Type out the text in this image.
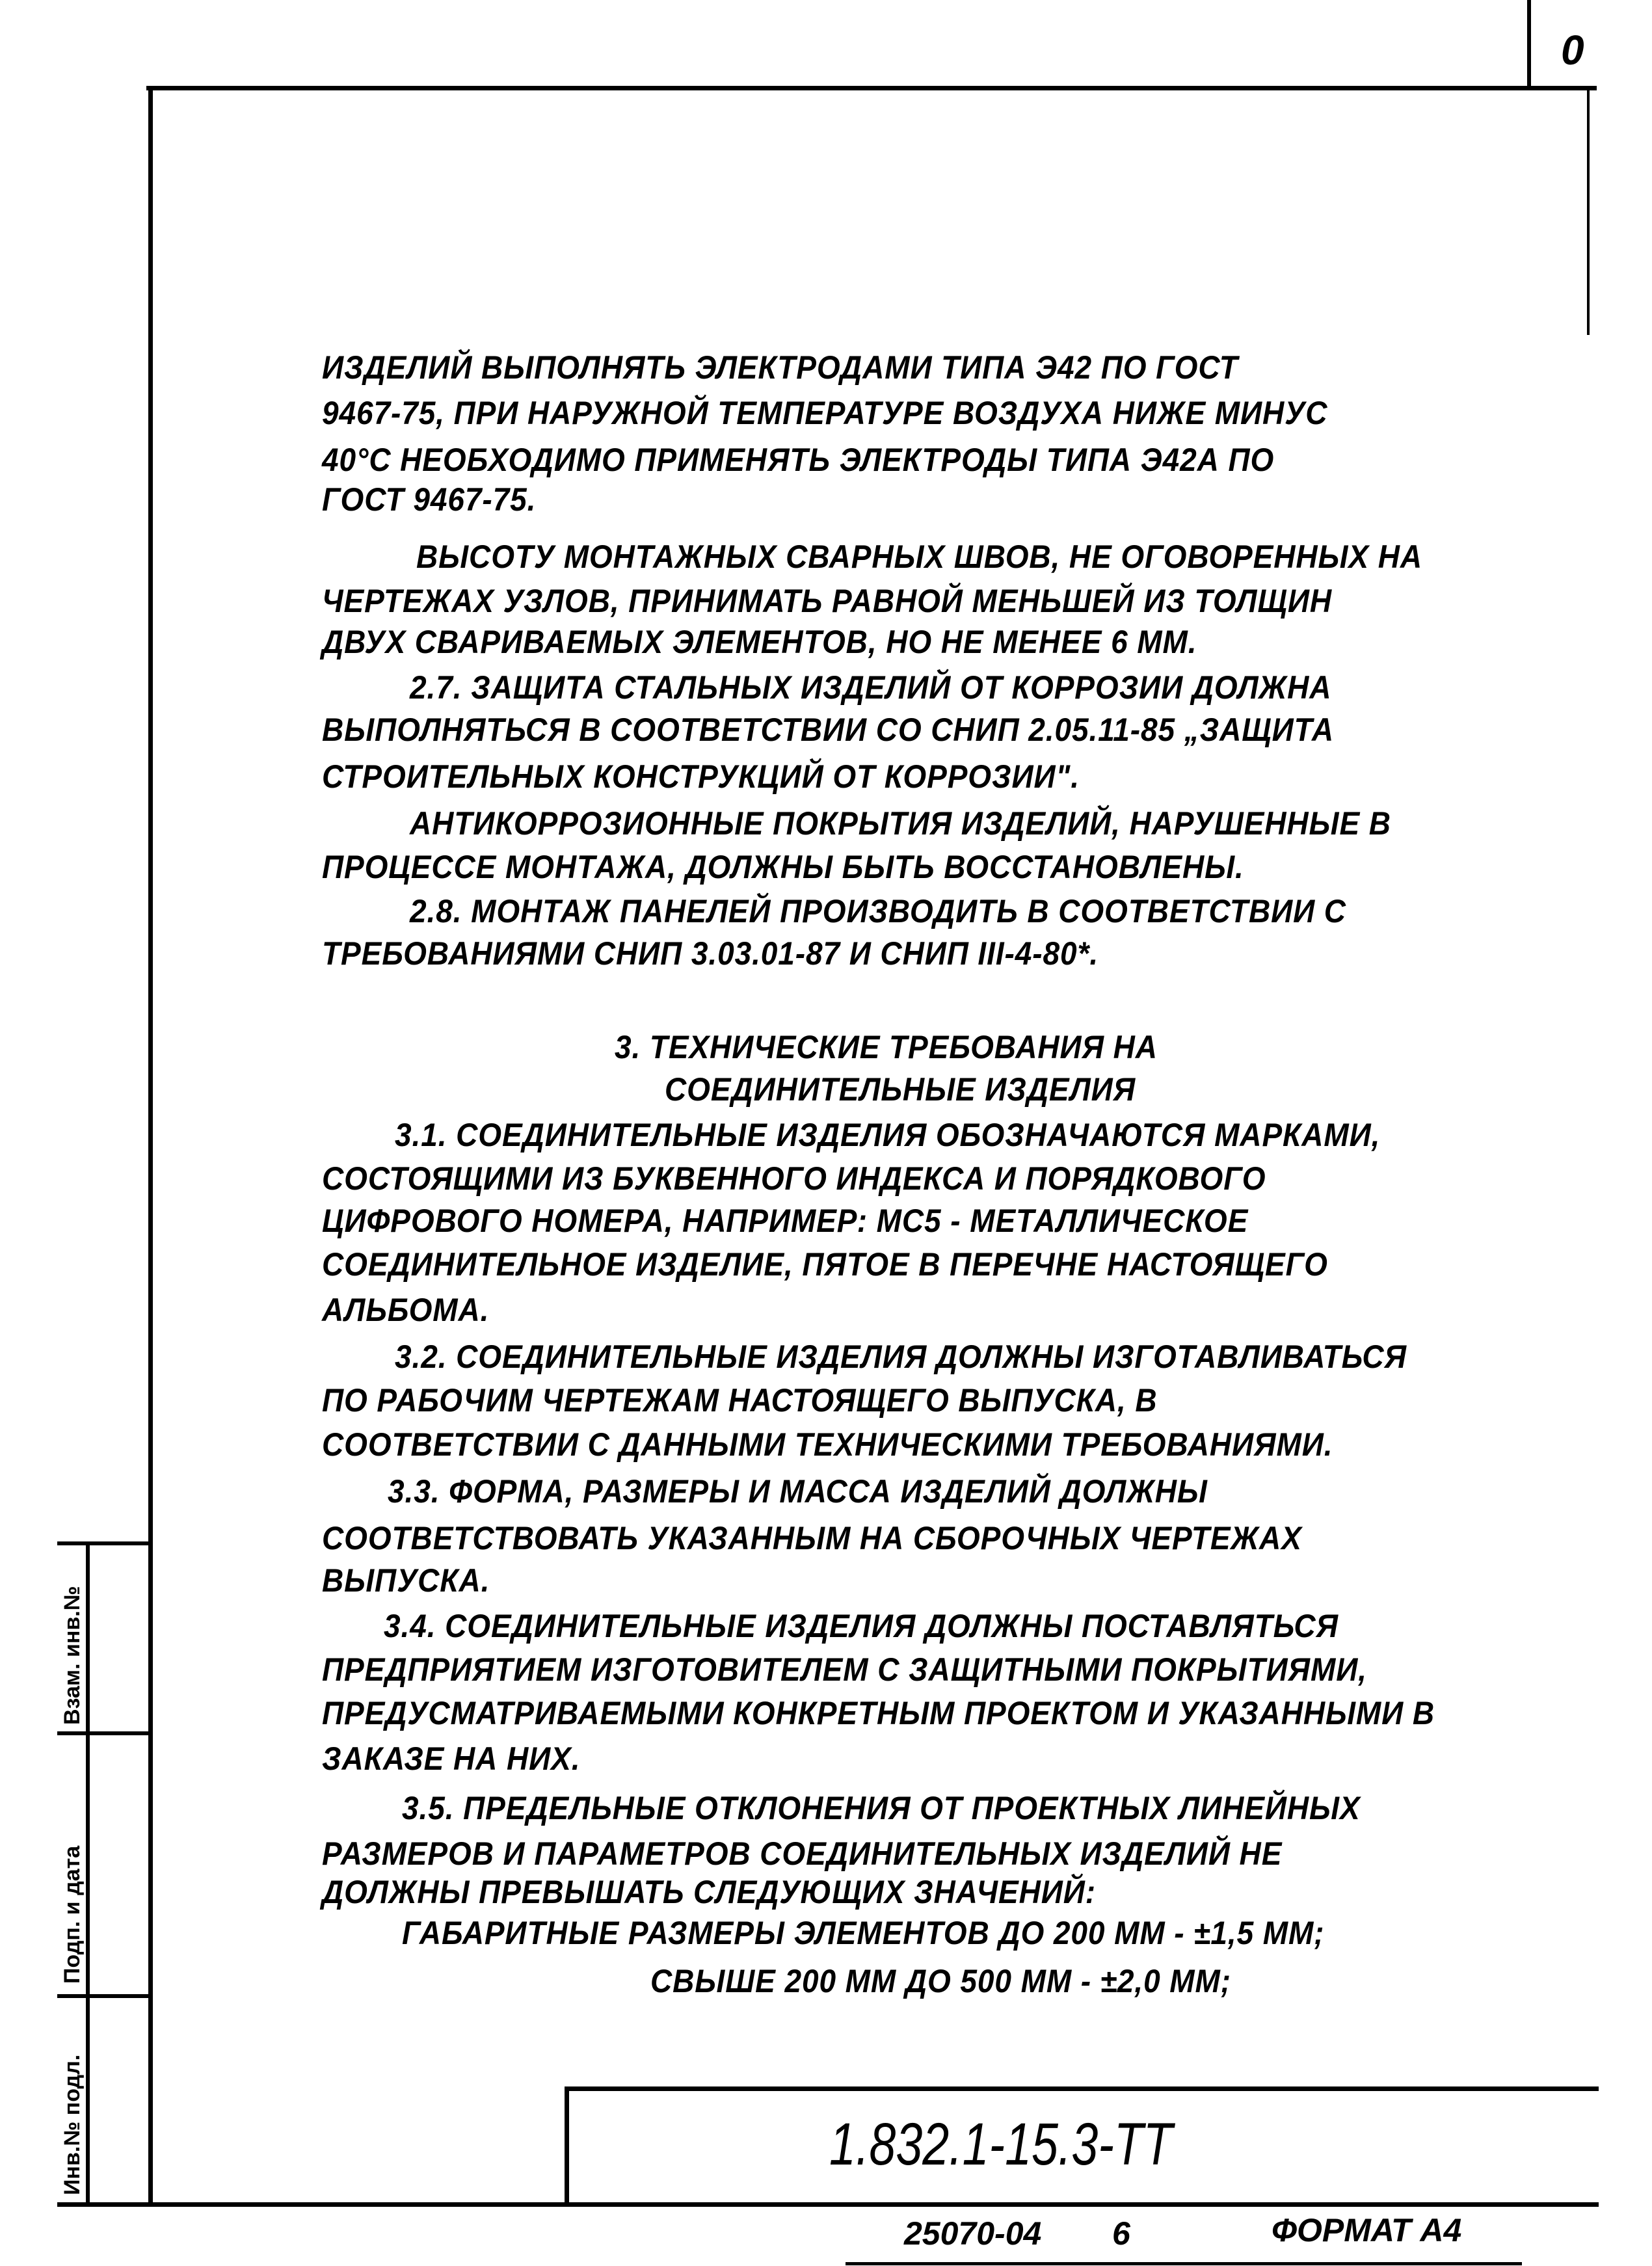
0
ИЗДЕЛИЙ ВЫПОЛНЯТЬ ЭЛЕКТРОДАМИ ТИПА Э42 ПО ГОСТ
9467-75, ПРИ НАРУЖНОЙ ТЕМПЕРАТУРЕ ВОЗДУХА НИЖЕ МИНУС
40°С НЕОБХОДИМО ПРИМЕНЯТЬ ЭЛЕКТРОДЫ ТИПА Э42А ПО
ГОСТ 9467-75.
ВЫСОТУ МОНТАЖНЫХ СВАРНЫХ ШВОВ, НЕ ОГОВОРЕННЫХ НА
ЧЕРТЕЖАХ УЗЛОВ, ПРИНИМАТЬ РАВНОЙ МЕНЬШЕЙ ИЗ ТОЛЩИН
ДВУХ СВАРИВАЕМЫХ ЭЛЕМЕНТОВ, НО НЕ МЕНЕЕ 6 ММ.
2.7. ЗАЩИТА СТАЛЬНЫХ ИЗДЕЛИЙ ОТ КОРРОЗИИ ДОЛЖНА
ВЫПОЛНЯТЬСЯ В СООТВЕТСТВИИ СО СНИП 2.05.11-85 „ЗАЩИТА
СТРОИТЕЛЬНЫХ КОНСТРУКЦИЙ ОТ КОРРОЗИИ".
АНТИКОРРОЗИОННЫЕ ПОКРЫТИЯ ИЗДЕЛИЙ, НАРУШЕННЫЕ В
ПРОЦЕССЕ МОНТАЖА, ДОЛЖНЫ БЫТЬ ВОССТАНОВЛЕНЫ.
2.8. МОНТАЖ ПАНЕЛЕЙ ПРОИЗВОДИТЬ В СООТВЕТСТВИИ С
ТРЕБОВАНИЯМИ СНИП 3.03.01-87 И СНИП III-4-80*.
3. ТЕХНИЧЕСКИЕ ТРЕБОВАНИЯ НА
СОЕДИНИТЕЛЬНЫЕ ИЗДЕЛИЯ
3.1. СОЕДИНИТЕЛЬНЫЕ ИЗДЕЛИЯ ОБОЗНАЧАЮТСЯ МАРКАМИ,
СОСТОЯЩИМИ ИЗ БУКВЕННОГО ИНДЕКСА И ПОРЯДКОВОГО
ЦИФРОВОГО НОМЕРА, НАПРИМЕР: МС5 - МЕТАЛЛИЧЕСКОЕ
СОЕДИНИТЕЛЬНОЕ ИЗДЕЛИЕ, ПЯТОЕ В ПЕРЕЧНЕ НАСТОЯЩЕГО
АЛЬБОМА.
3.2. СОЕДИНИТЕЛЬНЫЕ ИЗДЕЛИЯ ДОЛЖНЫ ИЗГОТАВЛИВАТЬСЯ
ПО РАБОЧИМ ЧЕРТЕЖАМ НАСТОЯЩЕГО ВЫПУСКА, В
СООТВЕТСТВИИ С ДАННЫМИ ТЕХНИЧЕСКИМИ ТРЕБОВАНИЯМИ.
3.3. ФОРМА, РАЗМЕРЫ И МАССА ИЗДЕЛИЙ ДОЛЖНЫ
СООТВЕТСТВОВАТЬ УКАЗАННЫМ НА СБОРОЧНЫХ ЧЕРТЕЖАХ
ВЫПУСКА.
3.4. СОЕДИНИТЕЛЬНЫЕ ИЗДЕЛИЯ ДОЛЖНЫ ПОСТАВЛЯТЬСЯ
ПРЕДПРИЯТИЕМ ИЗГОТОВИТЕЛЕМ С ЗАЩИТНЫМИ ПОКРЫТИЯМИ,
ПРЕДУСМАТРИВАЕМЫМИ КОНКРЕТНЫМ ПРОЕКТОМ И УКАЗАННЫМИ В
ЗАКАЗЕ НА НИХ.
3.5. ПРЕДЕЛЬНЫЕ ОТКЛОНЕНИЯ ОТ ПРОЕКТНЫХ ЛИНЕЙНЫХ
РАЗМЕРОВ И ПАРАМЕТРОВ СОЕДИНИТЕЛЬНЫХ ИЗДЕЛИЙ НЕ
ДОЛЖНЫ ПРЕВЫШАТЬ СЛЕДУЮЩИХ ЗНАЧЕНИЙ:
ГАБАРИТНЫЕ РАЗМЕРЫ ЭЛЕМЕНТОВ ДО 200 ММ - ±1,5 ММ;
СВЫШЕ 200 ММ ДО 500 ММ - ±2,0 ММ;
Взам. инв.№
Подп. и дата
Инв.№ подл.	1.832.1-15.3-ТТ
25070-04 6	ФОРМАТ А4
